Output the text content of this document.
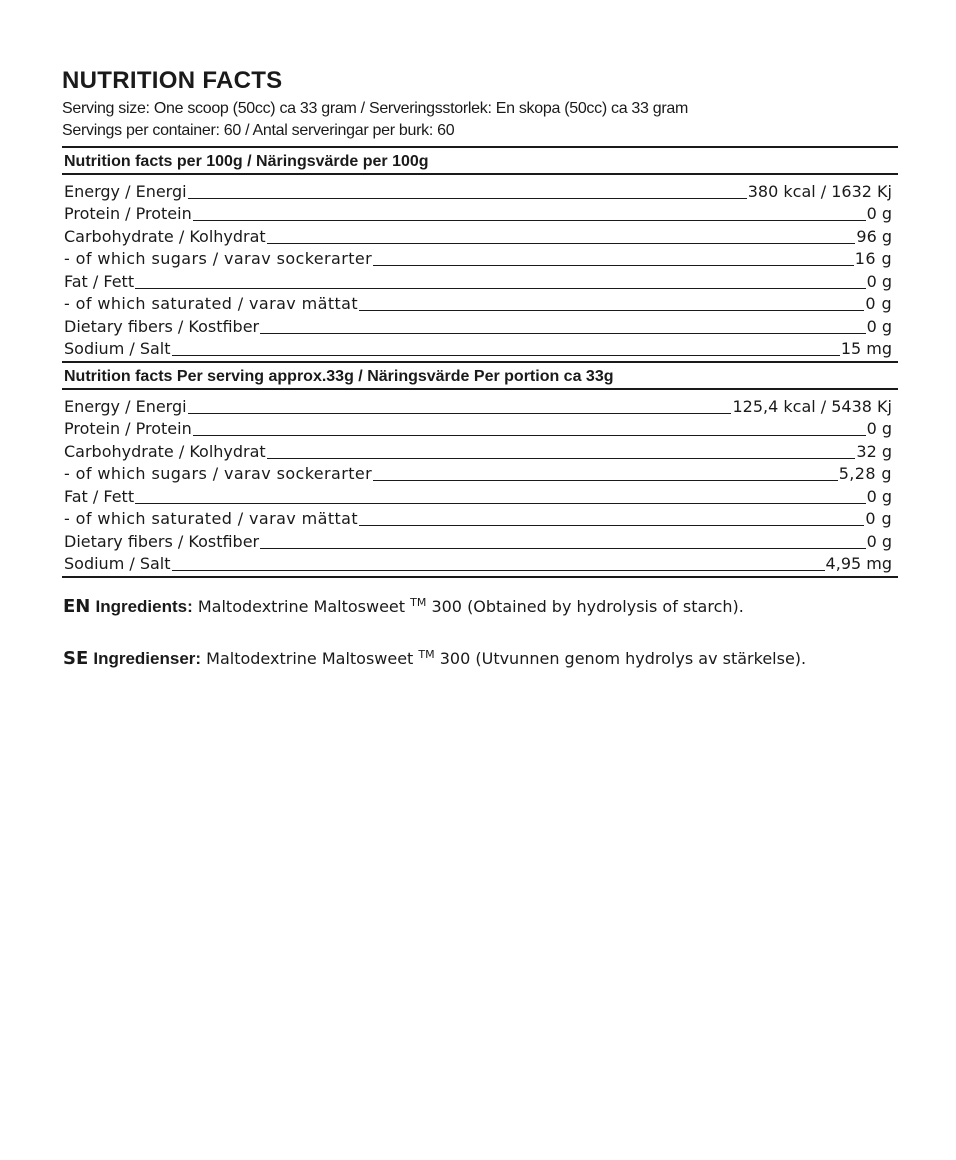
NUTRITION FACTS
Serving size: One scoop (50cc) ca 33 gram / Serveringsstorlek: En skopa (50cc) ca 33 gram
Servings per container: 60 / Antal serveringar per burk: 60
Nutrition facts per 100g / Näringsvärde per 100g
Energy / Energi	380 kcal / 1632 Kj
Protein / Protein	0 g
Carbohydrate / Kolhydrat	96 g
- of which sugars / varav sockerarter	16 g
Fat / Fett	0 g
- of which saturated / varav mättat	0 g
Dietary fibers / Kostfiber	0 g
Sodium / Salt	15 mg
Nutrition facts Per serving approx.33g / Näringsvärde Per portion ca 33g
Energy / Energi	125,4 kcal / 5438 Kj
Protein / Protein	0 g
Carbohydrate / Kolhydrat	32 g
- of which sugars / varav sockerarter	5,28 g
Fat / Fett	0 g
- of which saturated / varav mättat	0 g
Dietary fibers / Kostfiber	0 g
Sodium / Salt	4,95 mg
EN Ingredients: Maltodextrine Maltosweet ™ 300 (Obtained by hydrolysis of starch).
SE Ingredienser: Maltodextrine Maltosweet ™ 300 (Utvunnen genom hydrolys av stärkelse).
